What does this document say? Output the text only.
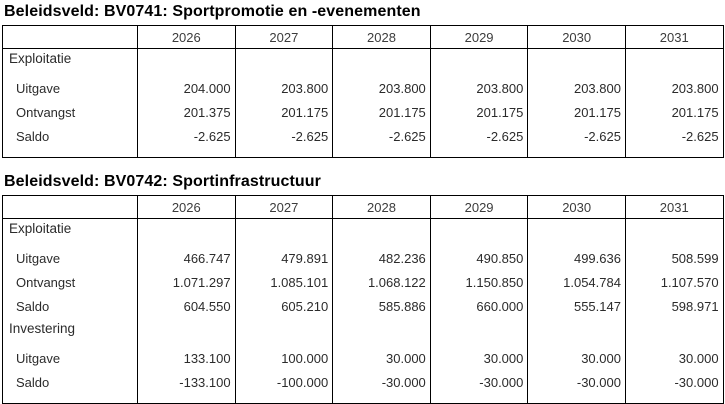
Beleidsveld: BV0741: Sportpromotie en -evenementen
	2026	2027	2028	2029	2030	2031
Exploitatie						
Uitgave	204.000	203.800	203.800	203.800	203.800	203.800
Ontvangst	201.375	201.175	201.175	201.175	201.175	201.175
Saldo	-2.625	-2.625	-2.625	-2.625	-2.625	-2.625

Beleidsveld: BV0742: Sportinfrastructuur
	2026	2027	2028	2029	2030	2031
Exploitatie						
Uitgave	466.747	479.891	482.236	490.850	499.636	508.599
Ontvangst	1.071.297	1.085.101	1.068.122	1.150.850	1.054.784	1.107.570
Saldo	604.550	605.210	585.886	660.000	555.147	598.971
Investering						
Uitgave	133.100	100.000	30.000	30.000	30.000	30.000
Saldo	-133.100	-100.000	-30.000	-30.000	-30.000	-30.000
